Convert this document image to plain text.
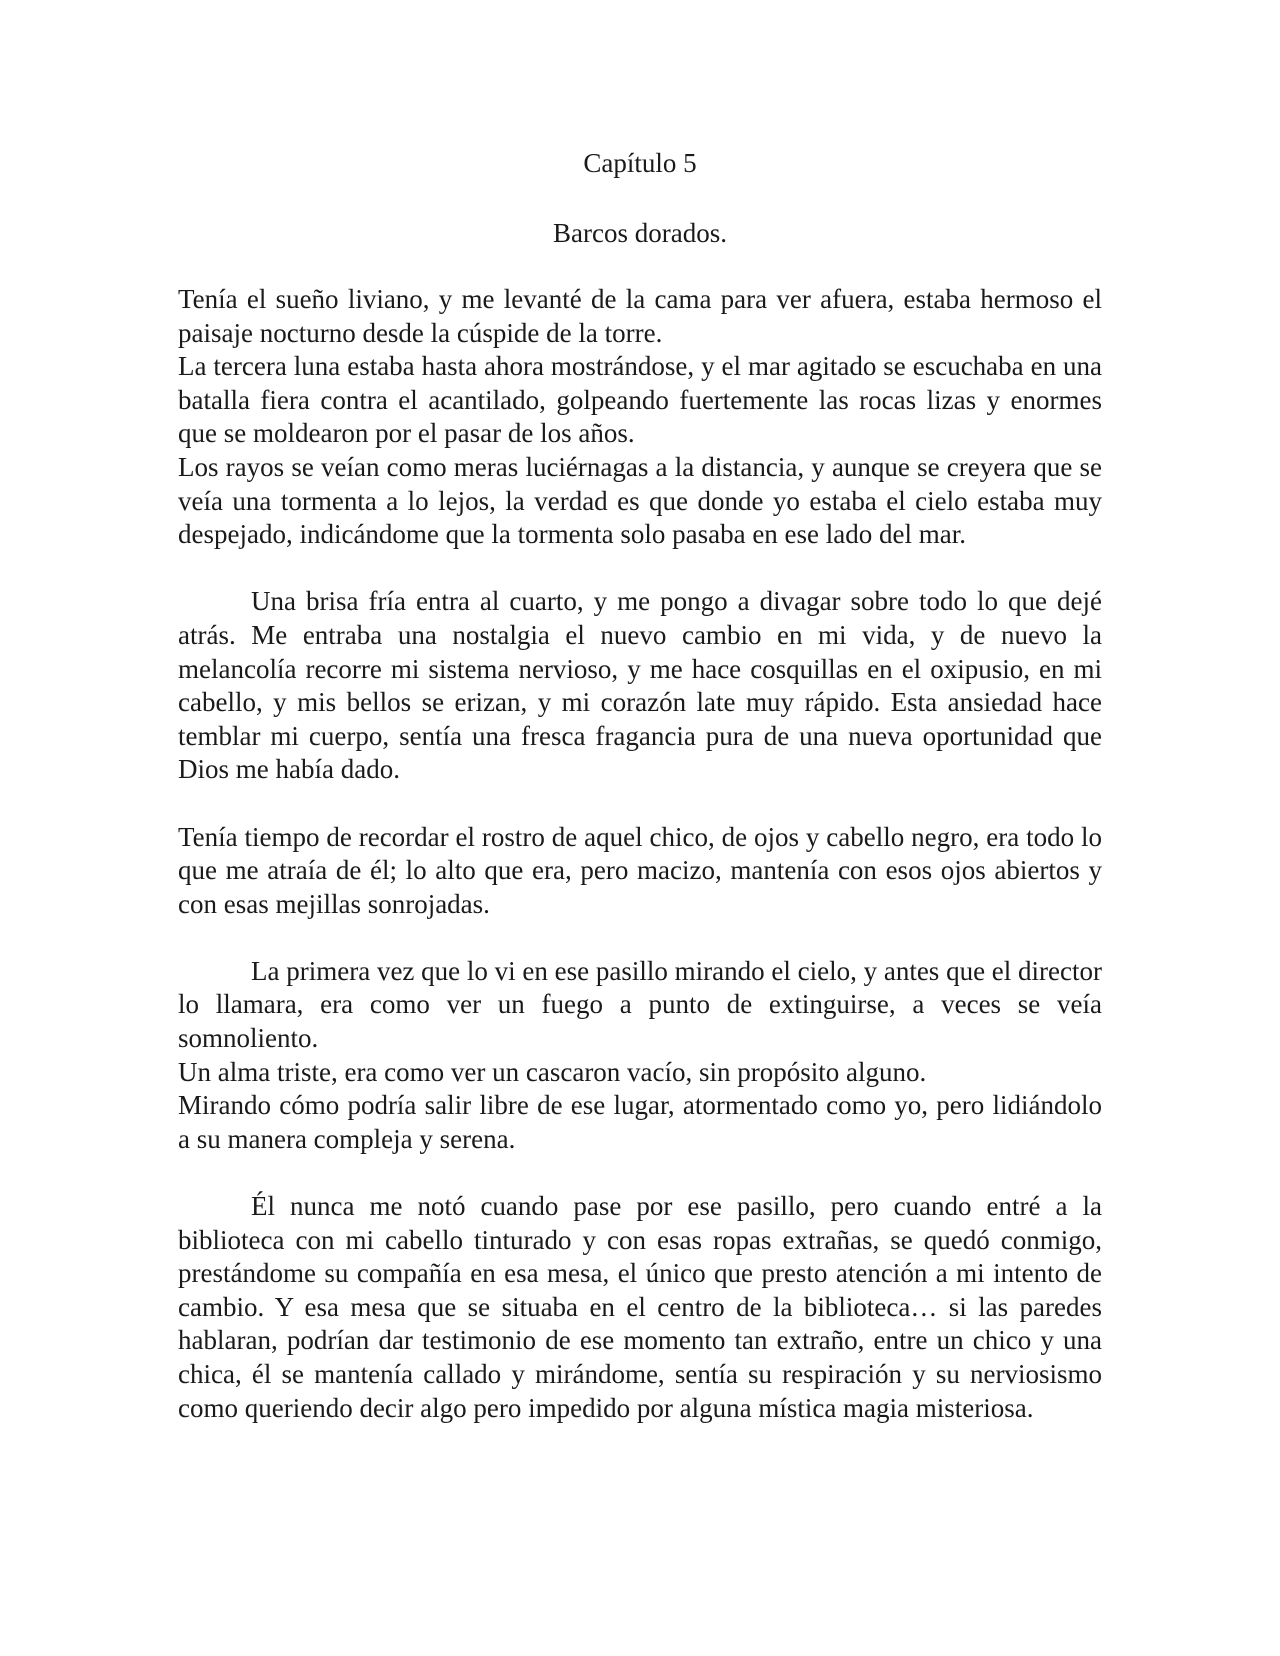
Capítulo 5
Barcos dorados.

Tenía el sueño liviano, y me levanté de la cama para ver afuera, estaba hermoso el paisaje nocturno desde la cúspide de la torre.

La tercera luna estaba hasta ahora mostrándose, y el mar agitado se escuchaba en una batalla fiera contra el acantilado, golpeando fuertemente las rocas lizas y enormes que se moldearon por el pasar de los años.

Los rayos se veían como meras luciérnagas a la distancia, y aunque se creyera que se veía una tormenta a lo lejos, la verdad es que donde yo estaba el cielo estaba muy despejado, indicándome que la tormenta solo pasaba en ese lado del mar.

Una brisa fría entra al cuarto, y me pongo a divagar sobre todo lo que dejé atrás. Me entraba una nostalgia el nuevo cambio en mi vida, y de nuevo la melancolía recorre mi sistema nervioso, y me hace cosquillas en el oxipusio, en mi cabello, y mis bellos se erizan, y mi corazón late muy rápido. Esta ansiedad hace temblar mi cuerpo, sentía una fresca fragancia pura de una nueva oportunidad que Dios me había dado.

Tenía tiempo de recordar el rostro de aquel chico, de ojos y cabello negro, era todo lo que me atraía de él; lo alto que era, pero macizo, mantenía con esos ojos abiertos y con esas mejillas sonrojadas.

La primera vez que lo vi en ese pasillo mirando el cielo, y antes que el director lo llamara, era como ver un fuego a punto de extinguirse, a veces se veía somnoliento.

Un alma triste, era como ver un cascaron vacío, sin propósito alguno.

Mirando cómo podría salir libre de ese lugar, atormentado como yo, pero lidiándolo a su manera compleja y serena.

Él nunca me notó cuando pase por ese pasillo, pero cuando entré a la biblioteca con mi cabello tinturado y con esas ropas extrañas, se quedó conmigo, prestándome su compañía en esa mesa, el único que presto atención a mi intento de cambio. Y esa mesa que se situaba en el centro de la biblioteca… si las paredes hablaran, podrían dar testimonio de ese momento tan extraño, entre un chico y una chica, él se mantenía callado y mirándome, sentía su respiración y su nerviosismo como queriendo decir algo pero impedido por alguna mística magia misteriosa.
